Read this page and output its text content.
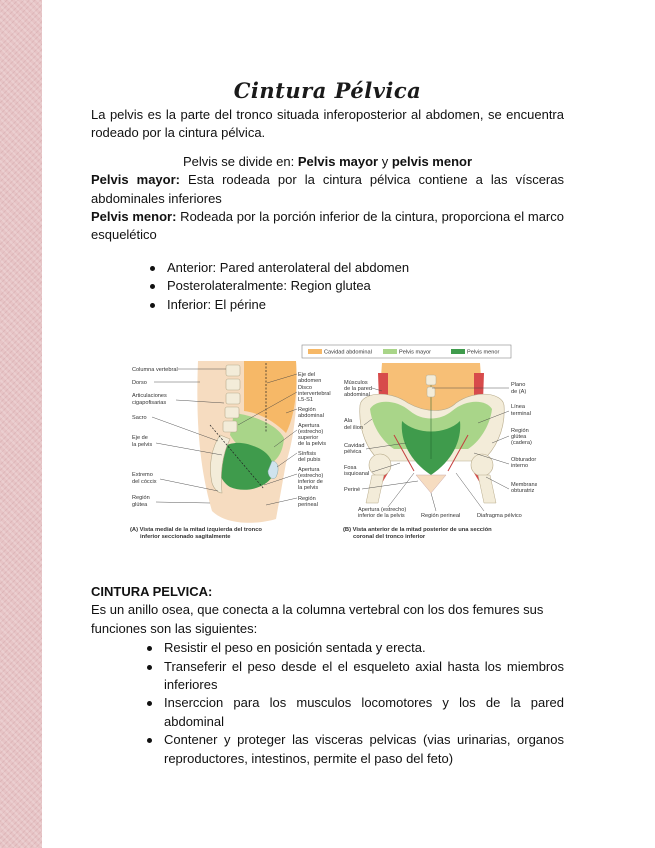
Cintura Pélvica

La pelvis es la parte del tronco situada inferoposterior al abdomen, se encuentra rodeado por la cintura pélvica.

Pelvis se divide en: Pelvis mayor y pelvis menor

Pelvis mayor: Esta rodeada por la cintura pélvica contiene a las vísceras abdominales inferiores

Pelvis menor: Rodeada por la porción inferior de la cintura, proporciona el marco esquelético

Anterior: Pared anterolateral del abdomen
Posterolateralmente: Region glutea
Inferior: El périne
Cavidad abdominal	Pelvis mayor	Pelvis menor
Columna vertebral
Dorso
Articulaciones
cigapofisarias
Sacro
Eje de
la pelvis
Extremo
del cóccix
Región
glútea
Eje del
abdomen
Disco
intervertebral
L5-S1
Región
abdominal
Apertura
(estrecho)
superior
de la pelvis
Sínfisis
del pubis
Apertura
(estrecho)
inferior de
la pelvis
Región
perineal
(A) Vista medial de la mitad izquierda del tronco
inferior seccionado sagitalmente
Músculos
de la pared
abdominal
Ala
del ilion
Cavidad
pélvica
Fosa
isquioanal
Periné
Plano
de (A)
Línea
terminal
Región
glútea
(cadera)
Obturador
interno
Membrana
obturatriz
Apertura (estrecho)
inferior de la pelvis	Región perineal	Diafragma pélvico
(B) Vista anterior de la mitad posterior de una sección
coronal del tronco inferior

CINTURA PELVICA:

Es un anillo osea, que conecta a la columna vertebral con los dos femures sus funciones son las siguientes:

Resistir el peso en posición sentada y erecta.
Transeferir el peso desde el el esqueleto axial hasta los miembros inferiores
Inserccion para los musculos locomotores y los de la pared abdominal
Contener y proteger las visceras pelvicas (vias urinarias, organos reproductores, intestinos, permite el paso del feto)
